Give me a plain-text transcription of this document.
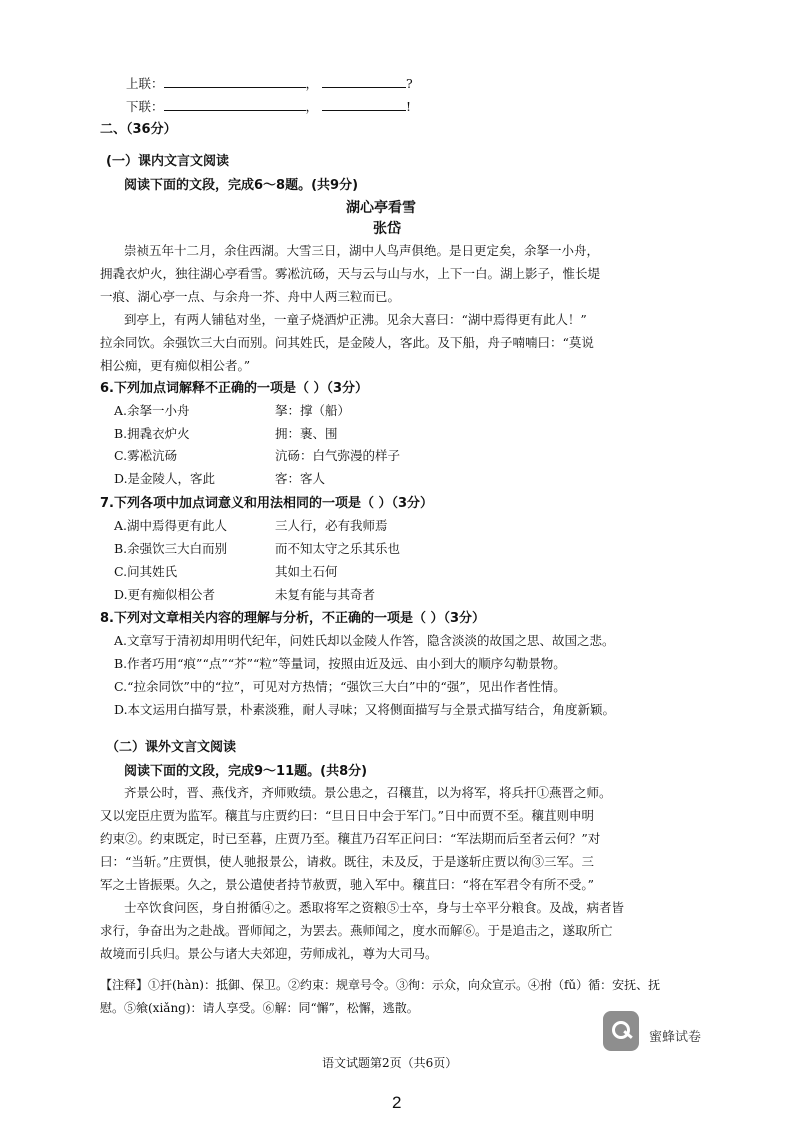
上联：	，	?
下联：	，	!
二、（36分）
(一）课内文言文阅读
阅读下面的文段，完成6～8题。(共9分)
湖心亭看雪
张岱
崇祯五年十二月，余住西湖。大雪三日，湖中人鸟声俱绝。是日更定矣，余拏一小舟，
拥毳衣炉火，独往湖心亭看雪。雾凇沆砀，天与云与山与水，上下一白。湖上影子，惟长堤
一痕、湖心亭一点、与余舟一芥、舟中人两三粒而已。
到亭上，有两人铺毡对坐，一童子烧酒炉正沸。见余大喜曰：“湖中焉得更有此人！”
拉余同饮。余强饮三大白而别。问其姓氏，是金陵人，客此。及下船，舟子喃喃曰：“莫说
相公痴，更有痴似相公者。”
6.下列加点词解释不正确的一项是（ ）（3分）
A.余拏一小舟	拏：撑（船）
B.拥毳衣炉火	拥：裹、围
C.雾凇沆砀	沆砀：白气弥漫的样子
D.是金陵人，客此	客：客人
7.下列各项中加点词意义和用法相同的一项是（ ）（3分）
A.湖中焉得更有此人	三人行，必有我师焉
B.余强饮三大白而别	而不知太守之乐其乐也
C.问其姓氏	其如土石何
D.更有痴似相公者	未复有能与其奇者
8.下列对文章相关内容的理解与分析，不正确的一项是（ ）（3分）
A.文章写于清初却用明代纪年，问姓氏却以金陵人作答，隐含淡淡的故国之思、故国之悲。
B.作者巧用“痕”“点”“芥”“粒”等量词，按照由近及远、由小到大的顺序勾勒景物。
C.“拉余同饮”中的“拉”，可见对方热情；“强饮三大白”中的“强”，见出作者性情。
D.本文运用白描写景，朴素淡雅，耐人寻味；又将侧面描写与全景式描写结合，角度新颖。
（二）课外文言文阅读
阅读下面的文段，完成9～11题。(共8分)
齐景公时，晋、燕伐齐，齐师败绩。景公患之，召穰苴，以为将军，将兵扞①燕晋之师。
又以宠臣庄贾为监军。穰苴与庄贾约曰：“旦日日中会于军门。”日中而贾不至。穰苴则申明
约束②。约束既定，时已至暮，庄贾乃至。穰苴乃召军正问曰：“军法期而后至者云何？”对
曰：“当斩。”庄贾惧，使人驰报景公，请救。既往，未及反，于是遂斩庄贾以徇③三军。三
军之士皆振栗。久之，景公遣使者持节赦贾，驰入军中。穰苴曰：“将在军君令有所不受。”
士卒饮食问医，身自拊循④之。悉取将军之资粮⑤士卒，身与士卒平分粮食。及战，病者皆
求行，争奋出为之赴战。晋师闻之，为罢去。燕师闻之，度水而解⑥。于是追击之，遂取所亡
故境而引兵归。景公与诸大夫郊迎，劳师成礼，尊为大司马。
【注释】①扞(hàn)：抵御、保卫。②约束：规章号令。③徇：示众，向众宣示。④拊（fǔ）循：安抚、抚
慰。⑤飨(xiǎng)：请人享受。⑥解：同“懈”，松懈，逃散。
蜜蜂试卷
语文试题第2页（共6页）
2
